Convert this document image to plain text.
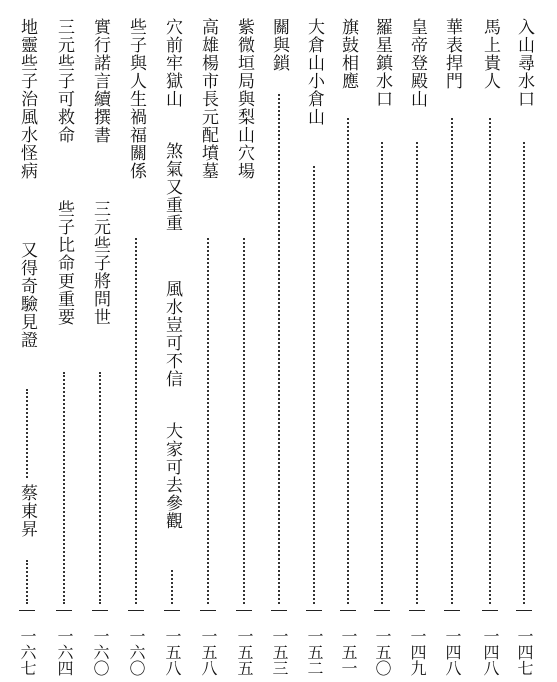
入山尋水口
一四七
馬上貴人
一四八
華表捍門
一四八
皇帝登殿山
一四九
羅星鎮水口
一五〇
旗鼓相應
一五一
大倉山小倉山
一五二
關與鎖
一五三
紫微垣局與梨山穴場
一五五
高雄楊市長元配墳墓
一五八
穴前牢獄山
煞氣又重重
風水豈可不信
大家可去參觀
一五八
些子與人生禍福關係
一六〇
實行諾言續撰書
三元些子將問世
一六〇
三元些子可救命
些子比命更重要
一六四
地靈些子治風水怪病
又得奇驗見證
蔡東昇
一六七
